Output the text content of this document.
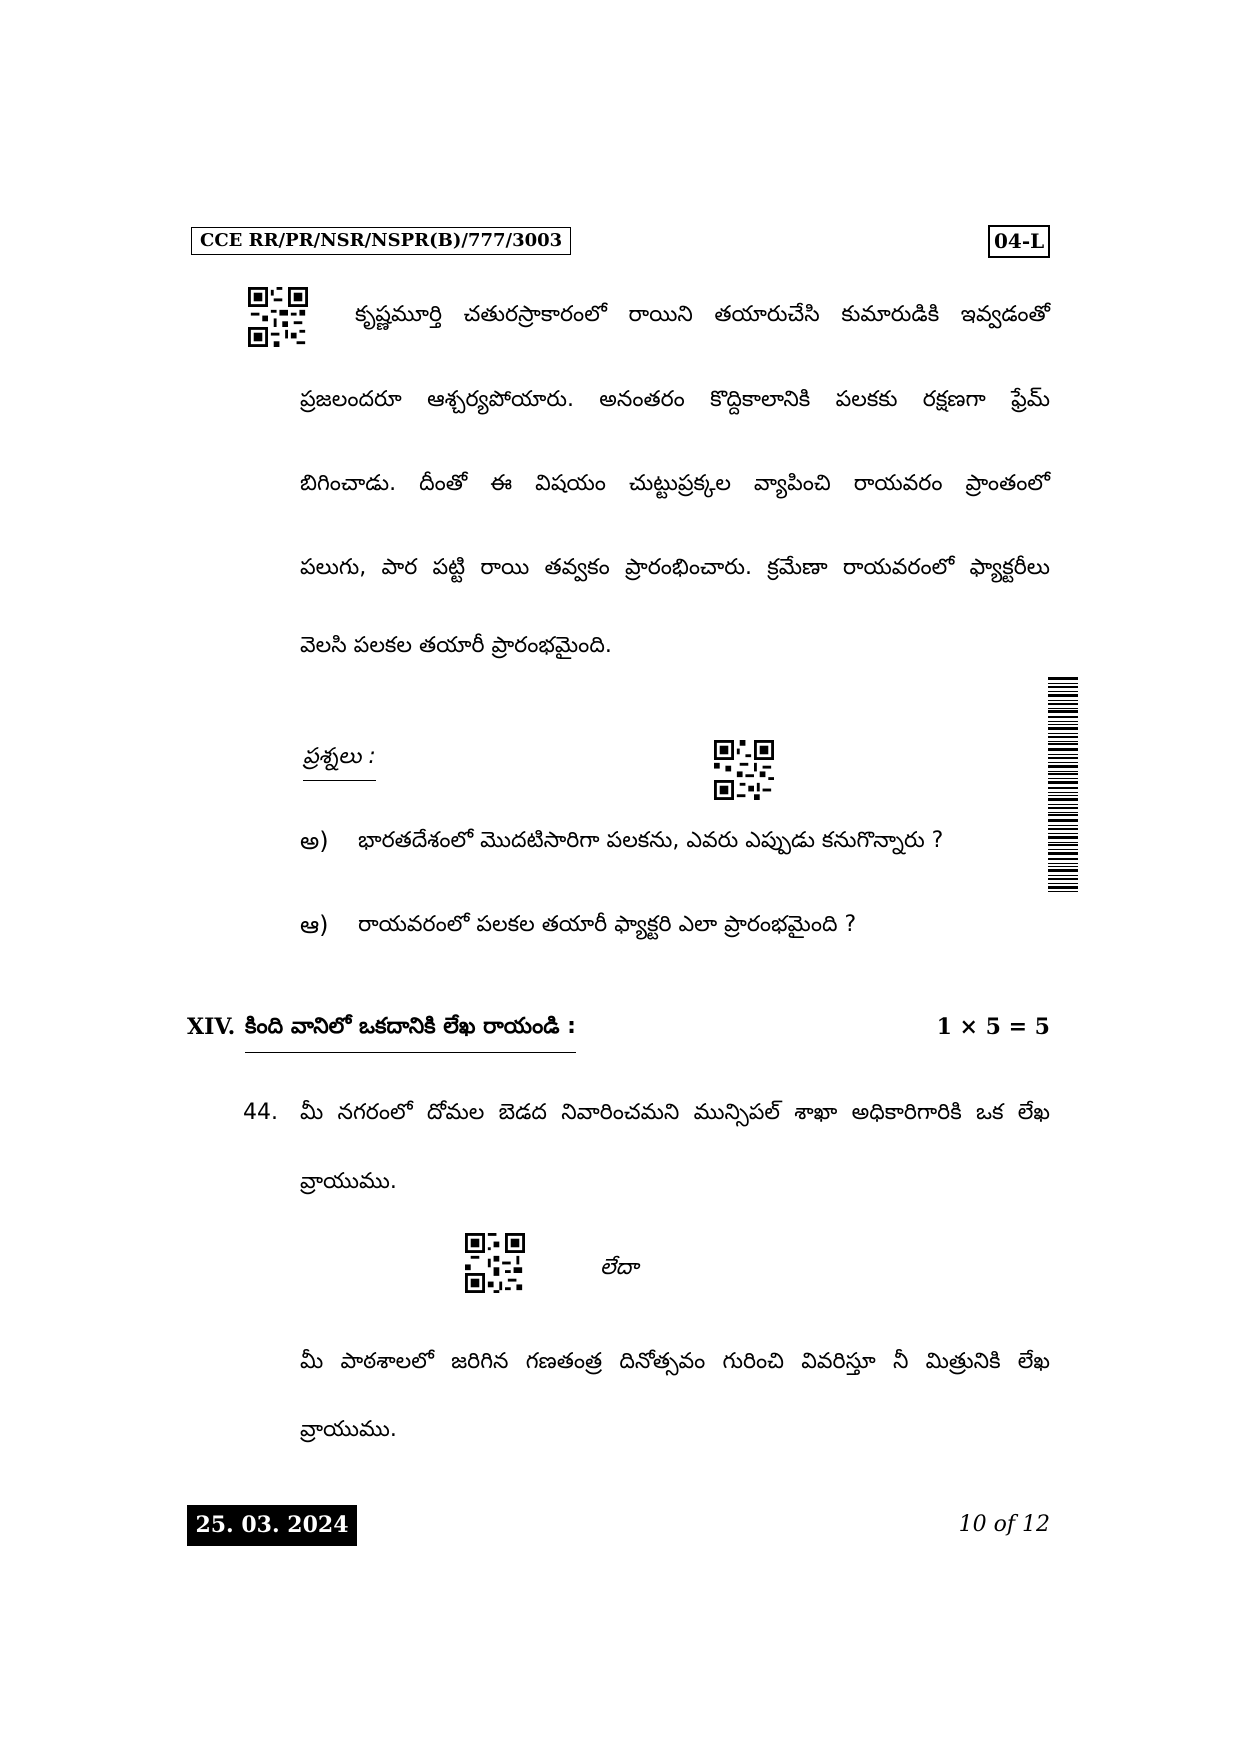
CCE RR/PR/NSR/NSPR(B)/777/3003	04-L
కృష్ణమూర్తి చతురస్రాకారంలో రాయిని తయారుచేసి కుమారుడికి ఇవ్వడంతో
ప్రజలందరూ ఆశ్చర్యపోయారు. అనంతరం కొద్దికాలానికి పలకకు రక్షణగా ఫ్రేమ్
బిగించాడు. దీంతో ఈ విషయం చుట్టుప్రక్కల వ్యాపించి రాయవరం ప్రాంతంలో
పలుగు, పార పట్టి రాయి తవ్వకం ప్రారంభించారు. క్రమేణా రాయవరంలో ఫ్యాక్టరీలు
వెలసి పలకల తయారీ ప్రారంభమైంది.
ప్రశ్నలు :
అ) భారతదేశంలో మొదటిసారిగా పలకను, ఎవరు ఎప్పుడు కనుగొన్నారు ?
ఆ) రాయవరంలో పలకల తయారీ ఫ్యాక్టరి ఎలా ప్రారంభమైంది ?
XIV. కింది వానిలో ఒకదానికి లేఖ రాయండి :	1 × 5 = 5
44. మీ నగరంలో దోమల బెడద నివారించమని మున్సిపల్ శాఖా అధికారిగారికి ఒక లేఖ
వ్రాయుము.
లేదా
మీ పాఠశాలలో జరిగిన గణతంత్ర దినోత్సవం గురించి వివరిస్తూ నీ మిత్రునికి లేఖ
వ్రాయుము.
25. 03. 2024	10 of 12
